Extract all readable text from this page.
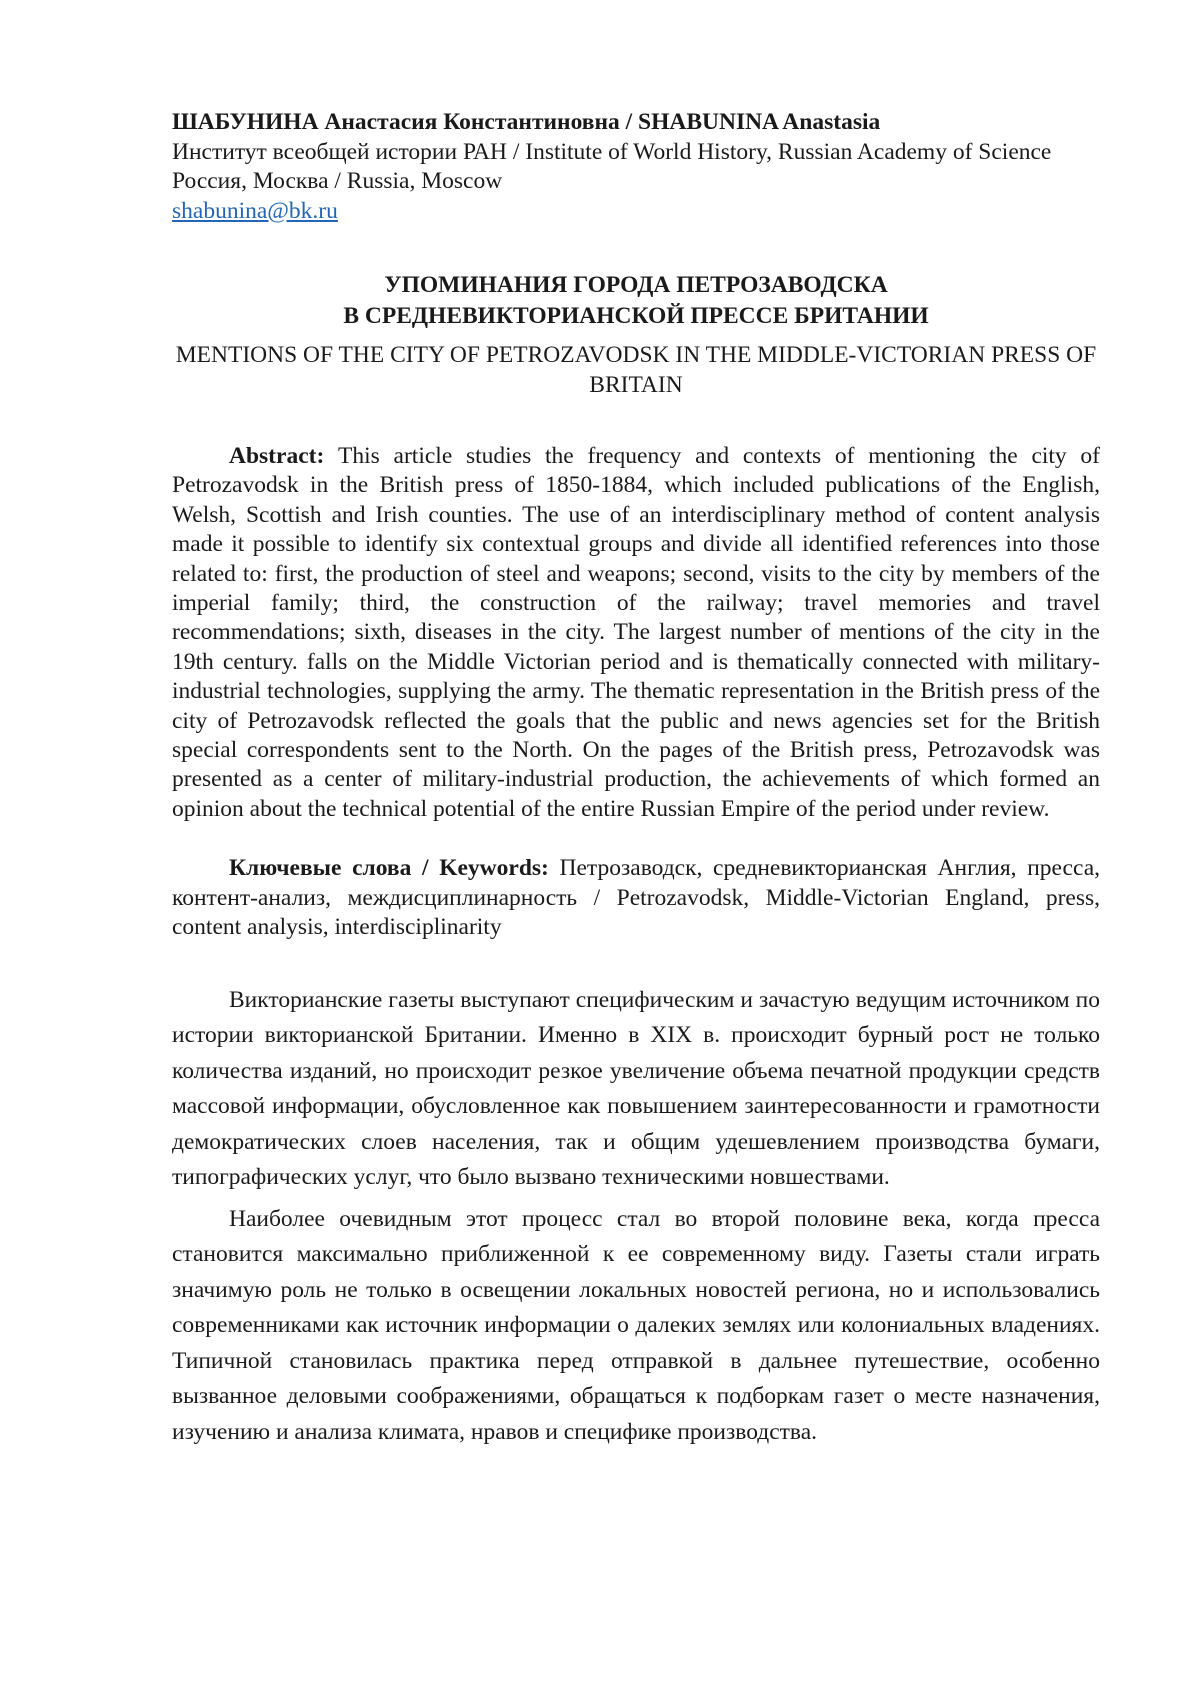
ШАБУНИНА Анастасия Константиновна / SHABUNINA Anastasia
Институт всеобщей истории РАН / Institute of World History, Russian Academy of Science
Россия, Москва / Russia, Moscow
shabunina@bk.ru
УПОМИНАНИЯ ГОРОДА ПЕТРОЗАВОДСКА
В СРЕДНЕВИКТОРИАНСКОЙ ПРЕССЕ БРИТАНИИ
MENTIONS OF THE CITY OF PETROZAVODSK IN THE MIDDLE-VICTORIAN PRESS OF BRITAIN
Abstract: This article studies the frequency and contexts of mentioning the city of Petrozavodsk in the British press of 1850-1884, which included publications of the English, Welsh, Scottish and Irish counties. The use of an interdisciplinary method of content analysis made it possible to identify six contextual groups and divide all identified references into those related to: first, the production of steel and weapons; second, visits to the city by members of the imperial family; third, the construction of the railway; travel memories and travel recommendations; sixth, diseases in the city. The largest number of mentions of the city in the 19th century. falls on the Middle Victorian period and is thematically connected with military-industrial technologies, supplying the army. The thematic representation in the British press of the city of Petrozavodsk reflected the goals that the public and news agencies set for the British special correspondents sent to the North. On the pages of the British press, Petrozavodsk was presented as a center of military-industrial production, the achievements of which formed an opinion about the technical potential of the entire Russian Empire of the period under review.
Ключевые слова / Keywords: Петрозаводск, средневикторианская Англия, пресса, контент-анализ, междисциплинарность / Petrozavodsk, Middle-Victorian England, press, content analysis, interdisciplinarity

Викторианские газеты выступают специфическим и зачастую ведущим источником по истории викторианской Британии. Именно в XIX в. происходит бурный рост не только количества изданий, но происходит резкое увеличение объема печатной продукции средств массовой информации, обусловленное как повышением заинтересованности и грамотности демократических слоев населения, так и общим удешевлением производства бумаги, типографических услуг, что было вызвано техническими новшествами.

Наиболее очевидным этот процесс стал во второй половине века, когда пресса становится максимально приближенной к ее современному виду. Газеты стали играть значимую роль не только в освещении локальных новостей региона, но и использовались современниками как источник информации о далеких землях или колониальных владениях. Типичной становилась практика перед отправкой в дальнее путешествие, особенно вызванное деловыми соображениями, обращаться к подборкам газет о месте назначения, изучению и анализа климата, нравов и специфике производства.
